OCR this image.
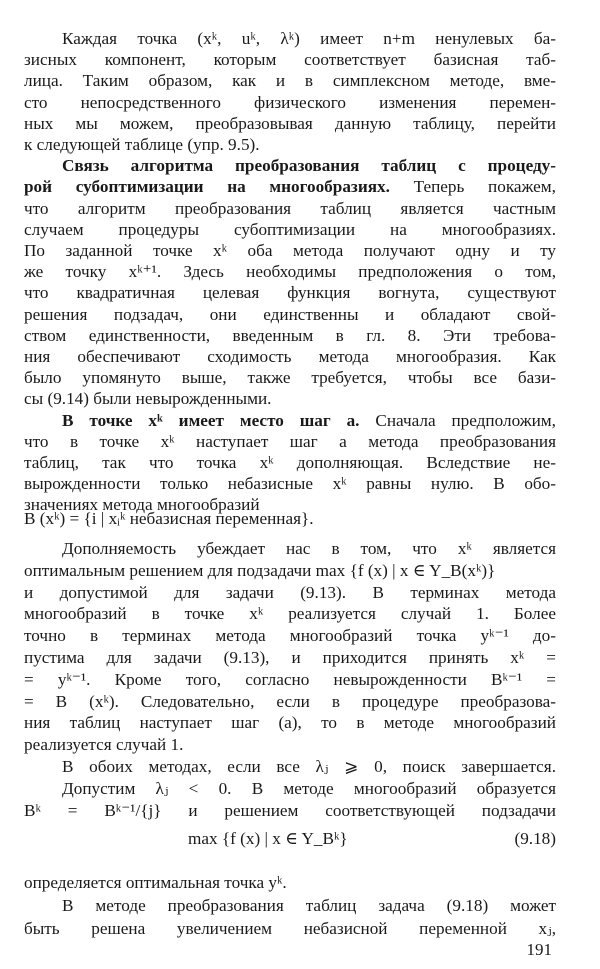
Каждая точка (xᵏ, uᵏ, λᵏ) имеет n+m ненулевых ба-
зисных компонент, которым соответствует базисная таб-
лица. Таким образом, как и в симплексном методе, вме-
сто непосредственного физического изменения перемен-
ных мы можем, преобразовывая данную таблицу, перейти
к следующей таблице (упр. 9.5).
Связь алгоритма преобразования таблиц с процеду-
рой субоптимизации на многообразиях. Теперь покажем,
что алгоритм преобразования таблиц является частным
случаем процедуры субоптимизации на многообразиях.
По заданной точке xᵏ оба метода получают одну и ту
же точку xᵏ⁺¹. Здесь необходимы предположения о том,
что квадратичная целевая функция вогнута, существуют
решения подзадач, они единственны и обладают свой-
ством единственности, введенным в гл. 8. Эти требова-
ния обеспечивают сходимость метода многообразия. Как
было упомянуто выше, также требуется, чтобы все бази-
сы (9.14) были невырожденными.
В точке xᵏ имеет место шаг а. Сначала предположим,
что в точке xᵏ наступает шаг а метода преобразования
таблиц, так что точка xᵏ дополняющая. Вследствие не-
вырожденности только небазисные xᵏ равны нулю. В обо-
значениях метода многообразий
Дополняемость убеждает нас в том, что xᵏ является
оптимальным решением для подзадачи max {f (x) | x ∈ Y_B(xᵏ)}
и допустимой для задачи (9.13). В терминах метода
многообразий в точке xᵏ реализуется случай 1. Более
точно в терминах метода многообразий точка yᵏ⁻¹ до-
пустима для задачи (9.13), и приходится принять xᵏ =
= yᵏ⁻¹. Кроме того, согласно невырожденности Bᵏ⁻¹ =
= B (xᵏ). Следовательно, если в процедуре преобразова-
ния таблиц наступает шаг (а), то в методе многообразий
реализуется случай 1.
В обоих методах, если все λⱼ ⩾ 0, поиск завершается.
Допустим λⱼ < 0. В методе многообразий образуется
Bᵏ = Bᵏ⁻¹/{j} и решением соответствующей подзадачи
определяется оптимальная точка yᵏ.
В методе преобразования таблиц задача (9.18) может
быть решена увеличением небазисной переменной xⱼ,
B (xᵏ) = {i | xᵢᵏ небазисная переменная}.
max {f (x) | x ∈ Y_Bᵏ}	(9.18)
191
